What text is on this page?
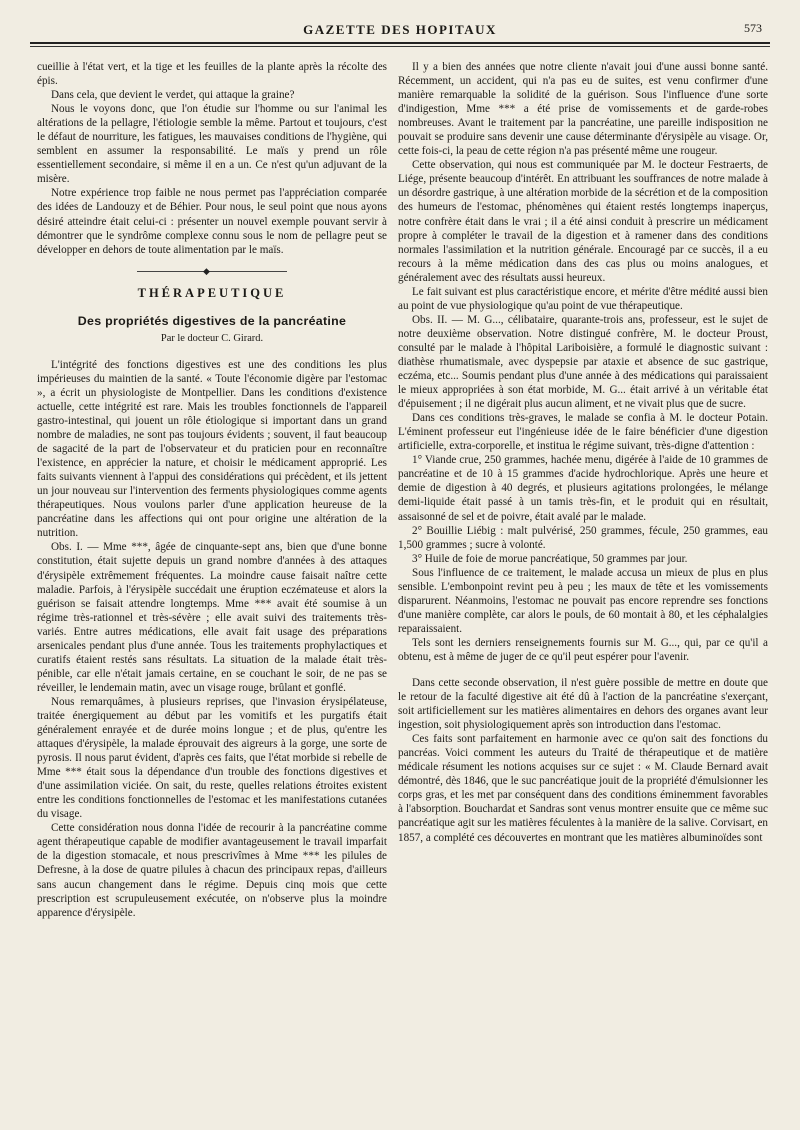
GAZETTE DES HOPITAUX	573

cueillie à l'état vert, et la tige et les feuilles de la plante après la récolte des épis.

Dans cela, que devient le verdet, qui attaque la graine?

Nous le voyons donc, que l'on étudie sur l'homme ou sur l'animal les altérations de la pellagre, l'étiologie semble la même. Partout et toujours, c'est le défaut de nourriture, les fatigues, les mauvaises conditions de l'hygiène, qui semblent en assumer la responsabilité. Le maïs y prend un rôle essentiellement secondaire, si même il en a un. Ce n'est qu'un adjuvant de la misère.

Notre expérience trop faible ne nous permet pas l'appréciation comparée des idées de Landouzy et de Béhier. Pour nous, le seul point que nous ayons désiré atteindre était celui-ci : présenter un nouvel exemple pouvant servir à démontrer que le syndrôme complexe connu sous le nom de pellagre peut se développer en dehors de toute alimentation par le maïs.

◆
THÉRAPEUTIQUE
Des propriétés digestives de la pancréatine
Par le docteur C. Girard.

L'intégrité des fonctions digestives est une des conditions les plus impérieuses du maintien de la santé. « Toute l'économie digère par l'estomac », a écrit un physiologiste de Montpellier. Dans les conditions d'existence actuelle, cette intégrité est rare. Mais les troubles fonctionnels de l'appareil gastro-intestinal, qui jouent un rôle étiologique si important dans un grand nombre de maladies, ne sont pas toujours évidents ; souvent, il faut beaucoup de sagacité de la part de l'observateur et du praticien pour en reconnaître l'existence, en apprécier la nature, et choisir le médicament approprié. Les faits suivants viennent à l'appui des considérations qui précèdent, et ils jettent un jour nouveau sur l'intervention des ferments physiologiques comme agents thérapeutiques. Nous voulons parler d'une application heureuse de la pancréatine dans les affections qui ont pour origine une altération de la nutrition.

Obs. I. — Mme ***, âgée de cinquante-sept ans, bien que d'une bonne constitution, était sujette depuis un grand nombre d'années à des attaques d'érysipèle extrêmement fréquentes. La moindre cause faisait naître cette maladie. Parfois, à l'érysipèle succédait une éruption eczémateuse et alors la guérison se faisait attendre longtemps. Mme *** avait été soumise à un régime très-rationnel et très-sévère ; elle avait suivi des traitements très-variés. Entre autres médications, elle avait fait usage des préparations arsenicales pendant plus d'une année. Tous les traitements prophylactiques et curatifs étaient restés sans résultats. La situation de la malade était très-pénible, car elle n'était jamais certaine, en se couchant le soir, de ne pas se réveiller, le lendemain matin, avec un visage rouge, brûlant et gonflé.

Nous remarquâmes, à plusieurs reprises, que l'invasion érysipélateuse, traitée énergiquement au début par les vomitifs et les purgatifs était généralement enrayée et de durée moins longue ; et de plus, qu'entre les attaques d'érysipèle, la malade éprouvait des aigreurs à la gorge, une sorte de pyrosis. Il nous parut évident, d'après ces faits, que l'état morbide si rebelle de Mme *** était sous la dépendance d'un trouble des fonctions digestives et d'une assimilation viciée. On sait, du reste, quelles relations étroites existent entre les conditions fonctionnelles de l'estomac et les manifestations cutanées du visage.

Cette considération nous donna l'idée de recourir à la pancréatine comme agent thérapeutique capable de modifier avantageusement le travail imparfait de la digestion stomacale, et nous prescrivîmes à Mme *** les pilules de Defresne, à la dose de quatre pilules à chacun des principaux repas, d'ailleurs sans aucun changement dans le régime. Depuis cinq mois que cette prescription est scrupuleusement exécutée, on n'observe plus la moindre apparence d'érysipèle.

Il y a bien des années que notre cliente n'avait joui d'une aussi bonne santé. Récemment, un accident, qui n'a pas eu de suites, est venu confirmer d'une manière remarquable la solidité de la guérison. Sous l'influence d'une sorte d'indigestion, Mme *** a été prise de vomissements et de garde-robes nombreuses. Avant le traitement par la pancréatine, une pareille indisposition ne pouvait se produire sans devenir une cause déterminante d'érysipèle au visage. Or, cette fois-ci, la peau de cette région n'a pas présenté même une rougeur.

Cette observation, qui nous est communiquée par M. le docteur Festraerts, de Liége, présente beaucoup d'intérêt. En attribuant les souffrances de notre malade à un désordre gastrique, à une altération morbide de la sécrétion et de la composition des humeurs de l'estomac, phénomènes qui étaient restés longtemps inaperçus, notre confrère était dans le vrai ; il a été ainsi conduit à prescrire un médicament propre à compléter le travail de la digestion et à ramener dans des conditions normales l'assimilation et la nutrition générale. Encouragé par ce succès, il a eu recours à la même médication dans des cas plus ou moins analogues, et généralement avec des résultats aussi heureux.

Le fait suivant est plus caractéristique encore, et mérite d'être médité aussi bien au point de vue physiologique qu'au point de vue thérapeutique.

Obs. II. — M. G..., célibataire, quarante-trois ans, professeur, est le sujet de notre deuxième observation. Notre distingué confrère, M. le docteur Proust, consulté par le malade à l'hôpital Lariboisière, a formulé le diagnostic suivant : diathèse rhumatismale, avec dyspepsie par ataxie et absence de suc gastrique, eczéma, etc... Soumis pendant plus d'une année à des médications qui paraissaient le mieux appropriées à son état morbide, M. G... était arrivé à un véritable état d'épuisement ; il ne digérait plus aucun aliment, et ne vivait plus que de sucre.

Dans ces conditions très-graves, le malade se confia à M. le docteur Potain. L'éminent professeur eut l'ingénieuse idée de le faire bénéficier d'une digestion artificielle, extra-corporelle, et institua le régime suivant, très-digne d'attention :

1° Viande crue, 250 grammes, hachée menu, digérée à l'aide de 10 grammes de pancréatine et de 10 à 15 grammes d'acide hydrochlorique. Après une heure et demie de digestion à 40 degrés, et plusieurs agitations prolongées, le mélange demi-liquide était passé à un tamis très-fin, et le produit qui en résultait, assaisonné de sel et de poivre, était avalé par le malade.

2° Bouillie Liébig : malt pulvérisé, 250 grammes, fécule, 250 grammes, eau 1,500 grammes ; sucre à volonté.

3° Huile de foie de morue pancréatique, 50 grammes par jour.

Sous l'influence de ce traitement, le malade accusa un mieux de plus en plus sensible. L'embonpoint revint peu à peu ; les maux de tête et les vomissements disparurent. Néanmoins, l'estomac ne pouvait pas encore reprendre ses fonctions d'une manière complète, car alors le pouls, de 60 montait à 80, et les céphalalgies reparaissaient.

Tels sont les derniers renseignements fournis sur M. G..., qui, par ce qu'il a obtenu, est à même de juger de ce qu'il peut espérer pour l'avenir.

Dans cette seconde observation, il n'est guère possible de mettre en doute que le retour de la faculté digestive ait été dû à l'action de la pancréatine s'exerçant, soit artificiellement sur les matières alimentaires en dehors des organes avant leur ingestion, soit physiologiquement après son introduction dans l'estomac.

Ces faits sont parfaitement en harmonie avec ce qu'on sait des fonctions du pancréas. Voici comment les auteurs du Traité de thérapeutique et de matière médicale résument les notions acquises sur ce sujet : « M. Claude Bernard avait démontré, dès 1846, que le suc pancréatique jouit de la propriété d'émulsionner les corps gras, et les met par conséquent dans des conditions éminemment favorables à l'absorption. Bouchardat et Sandras sont venus montrer ensuite que ce même suc pancréatique agit sur les matières féculentes à la manière de la salive. Corvisart, en 1857, a complété ces découvertes en montrant que les matières albuminoïdes sont
